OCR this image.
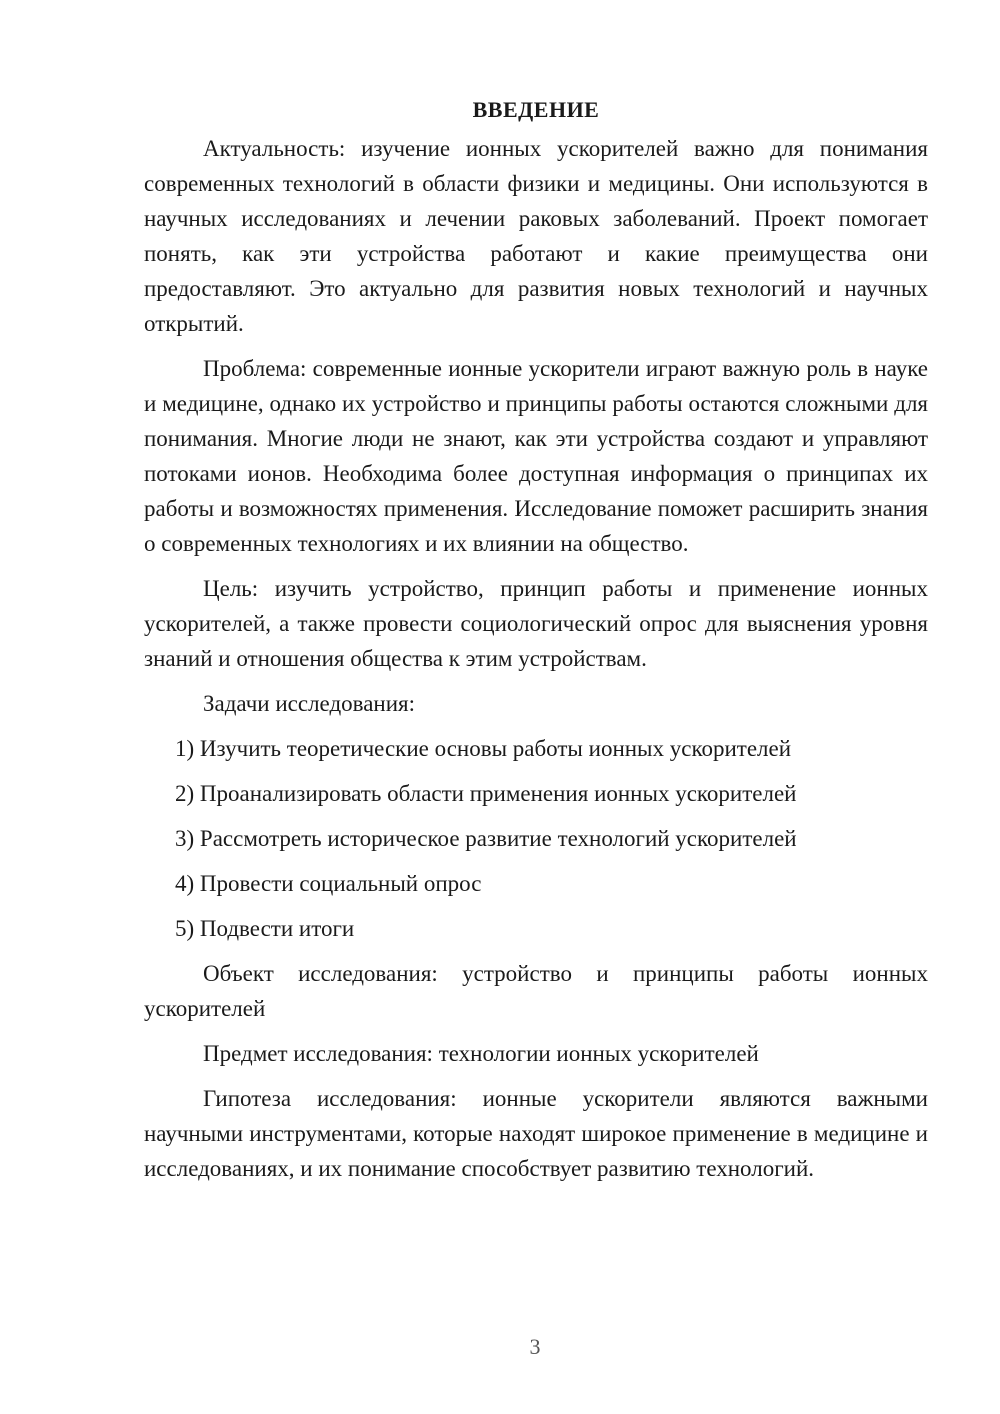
ВВЕДЕНИЕ

Актуальность: изучение ионных ускорителей важно для понимания современных технологий в области физики и медицины. Они используются в научных исследованиях и лечении раковых заболеваний. Проект помогает понять, как эти устройства работают и какие преимущества они предоставляют. Это актуально для развития новых технологий и научных открытий.

Проблема: современные ионные ускорители играют важную роль в науке и медицине, однако их устройство и принципы работы остаются сложными для понимания. Многие люди не знают, как эти устройства создают и управляют потоками ионов. Необходима более доступная информация о принципах их работы и возможностях применения. Исследование поможет расширить знания о современных технологиях и их влиянии на общество.

Цель: изучить устройство, принцип работы и применение ионных ускорителей, а также провести социологический опрос для выяснения уровня знаний и отношения общества к этим устройствам.

Задачи исследования:

1) Изучить теоретические основы работы ионных ускорителей
2) Проанализировать области применения ионных ускорителей
3) Рассмотреть историческое развитие технологий ускорителей
4) Провести социальный опрос
5) Подвести итоги

Объект исследования: устройство и принципы работы ионных ускорителей

Предмет исследования: технологии ионных ускорителей

Гипотеза исследования: ионные ускорители являются важными научными инструментами, которые находят широкое применение в медицине и исследованиях, и их понимание способствует развитию технологий.

3
